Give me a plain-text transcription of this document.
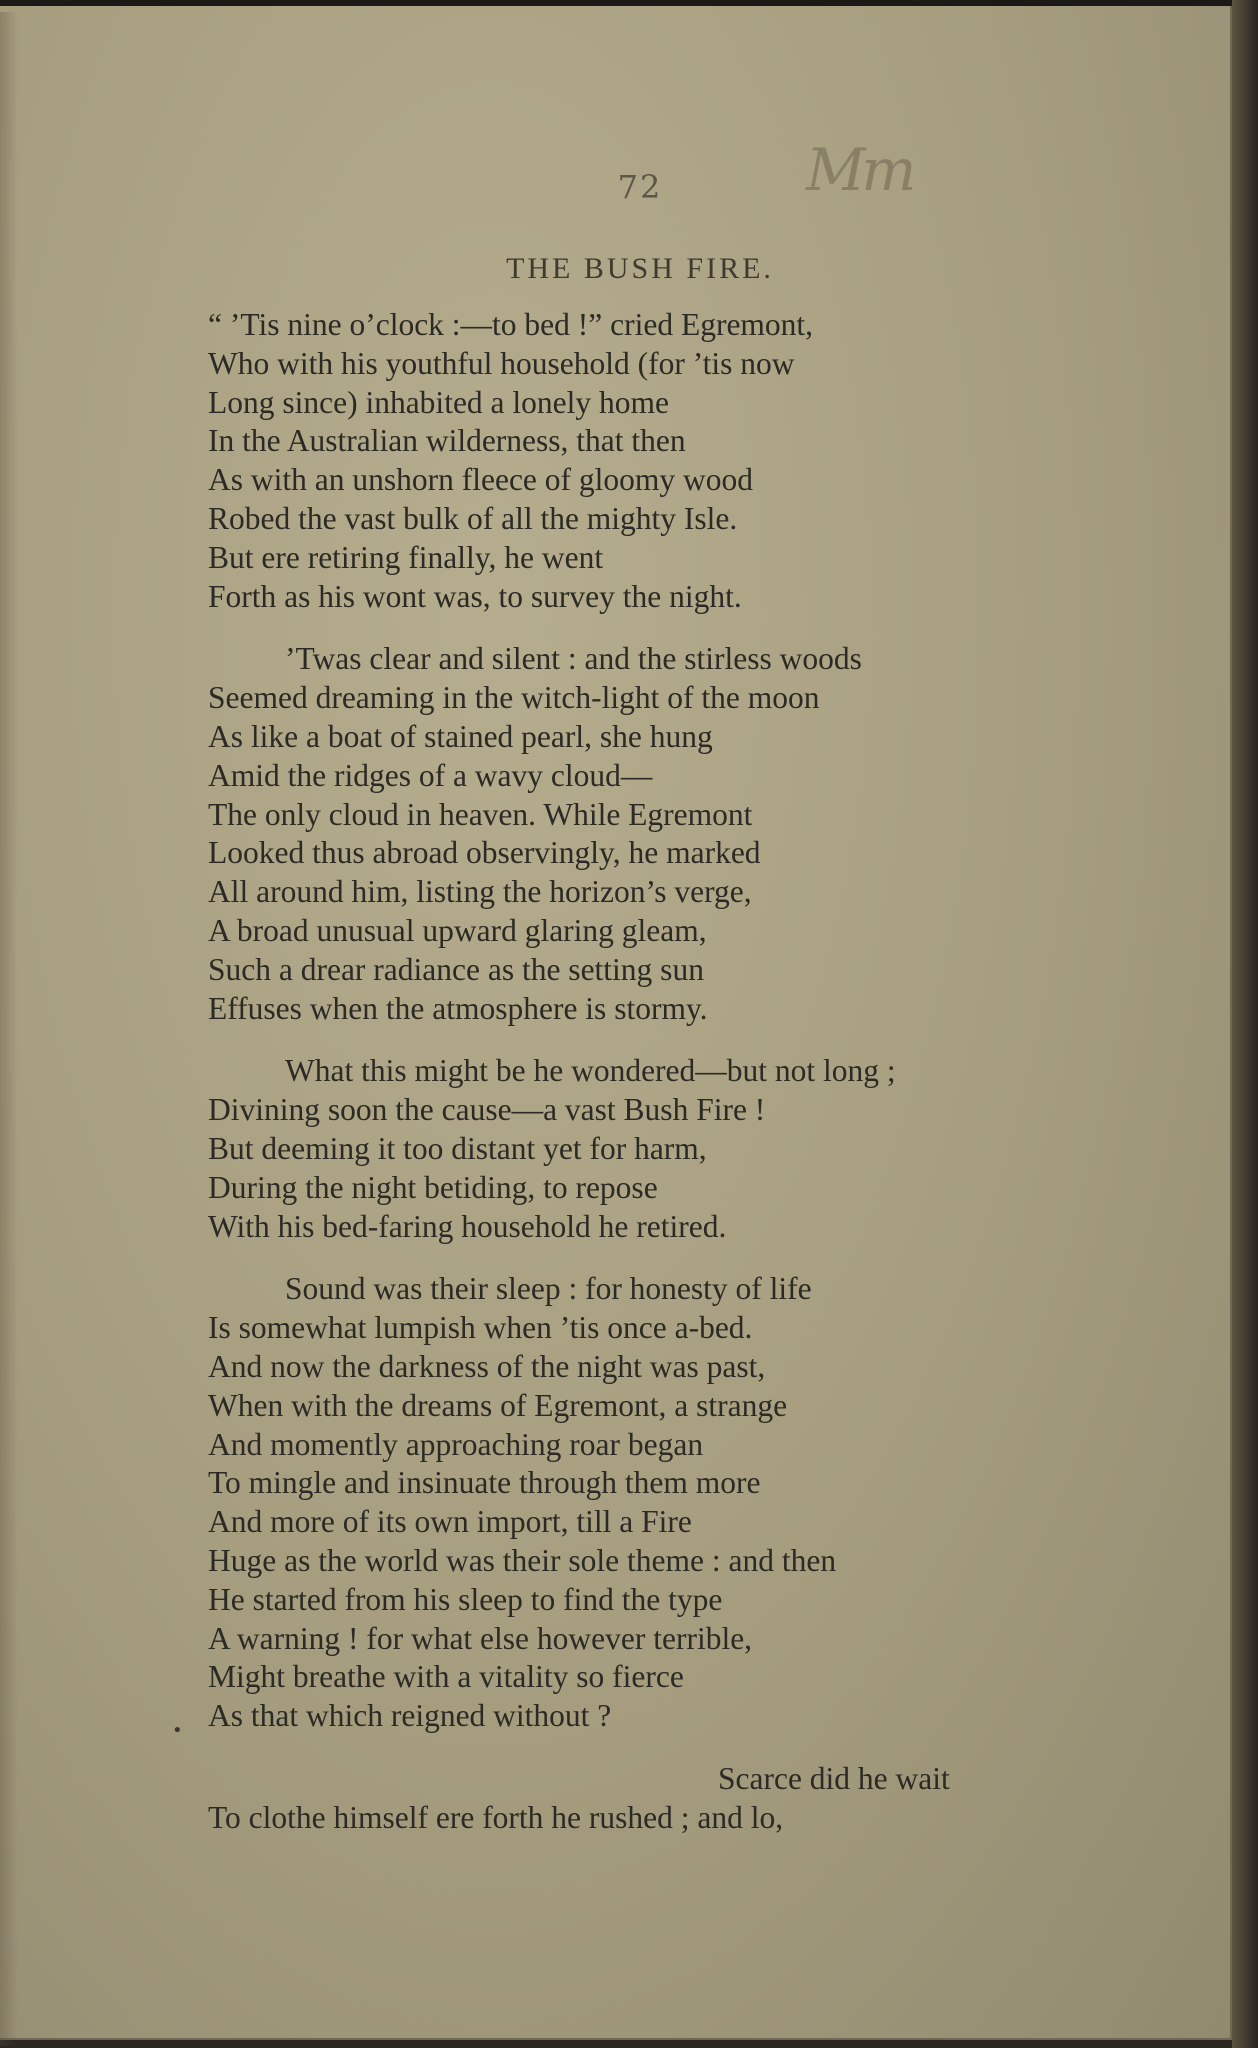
72	Mm
THE BUSH FIRE.
“ ’Tis nine o’clock :—to bed !” cried Egremont,
Who with his youthful household (for ’tis now
Long since) inhabited a lonely home
In the Australian wilderness, that then
As with an unshorn fleece of gloomy wood
Robed the vast bulk of all the mighty Isle.
But ere retiring finally, he went
Forth as his wont was, to survey the night.
’Twas clear and silent : and the stirless woods
Seemed dreaming in the witch-light of the moon
As like a boat of stained pearl, she hung
Amid the ridges of a wavy cloud—
The only cloud in heaven. While Egremont
Looked thus abroad observingly, he marked
All around him, listing the horizon’s verge,
A broad unusual upward glaring gleam,
Such a drear radiance as the setting sun
Effuses when the atmosphere is stormy.
What this might be he wondered—but not long ;
Divining soon the cause—a vast Bush Fire !
But deeming it too distant yet for harm,
During the night betiding, to repose
With his bed-faring household he retired.
Sound was their sleep : for honesty of life
Is somewhat lumpish when ’tis once a-bed.
And now the darkness of the night was past,
When with the dreams of Egremont, a strange
And momently approaching roar began
To mingle and insinuate through them more
And more of its own import, till a Fire
Huge as the world was their sole theme : and then
He started from his sleep to find the type
A warning ! for what else however terrible,
Might breathe with a vitality so fierce
As that which reigned without ?
Scarce did he wait
To clothe himself ere forth he rushed ; and lo,
•
